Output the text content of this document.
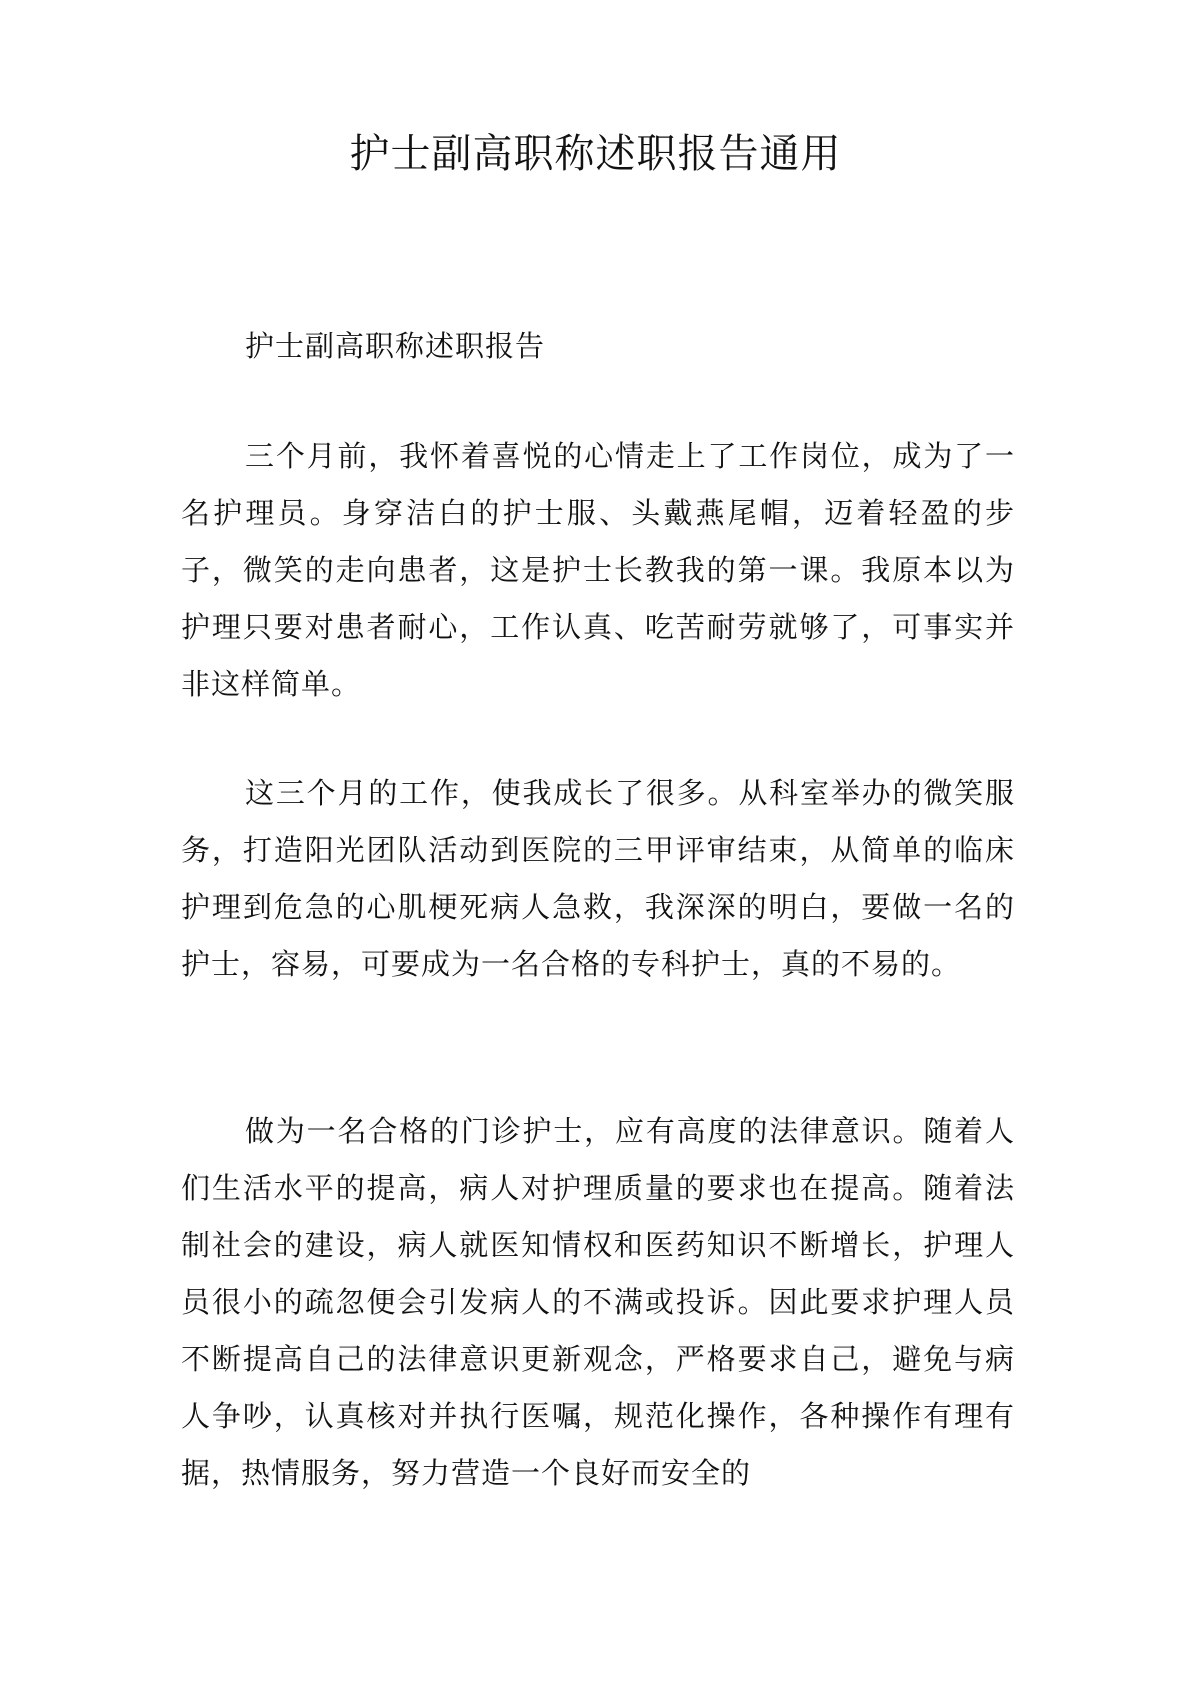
护士副高职称述职报告通用

护士副高职称述职报告

三个月前，我怀着喜悦的心情走上了工作岗位，成为了一名护理员。身穿洁白的护士服、头戴燕尾帽，迈着轻盈的步子，微笑的走向患者，这是护士长教我的第一课。我原本以为护理只要对患者耐心，工作认真、吃苦耐劳就够了，可事实并非这样简单。

这三个月的工作，使我成长了很多。从科室举办的微笑服务，打造阳光团队活动到医院的三甲评审结束，从简单的临床护理到危急的心肌梗死病人急救，我深深的明白，要做一名的护士，容易，可要成为一名合格的专科护士，真的不易的。

做为一名合格的门诊护士，应有高度的法律意识。随着人们生活水平的提高，病人对护理质量的要求也在提高。随着法制社会的建设，病人就医知情权和医药知识不断增长，护理人员很小的疏忽便会引发病人的不满或投诉。因此要求护理人员不断提高自己的法律意识更新观念，严格要求自己，避免与病人争吵，认真核对并执行医嘱，规范化操作，各种操作有理有据，热情服务，努力营造一个良好而安全的
